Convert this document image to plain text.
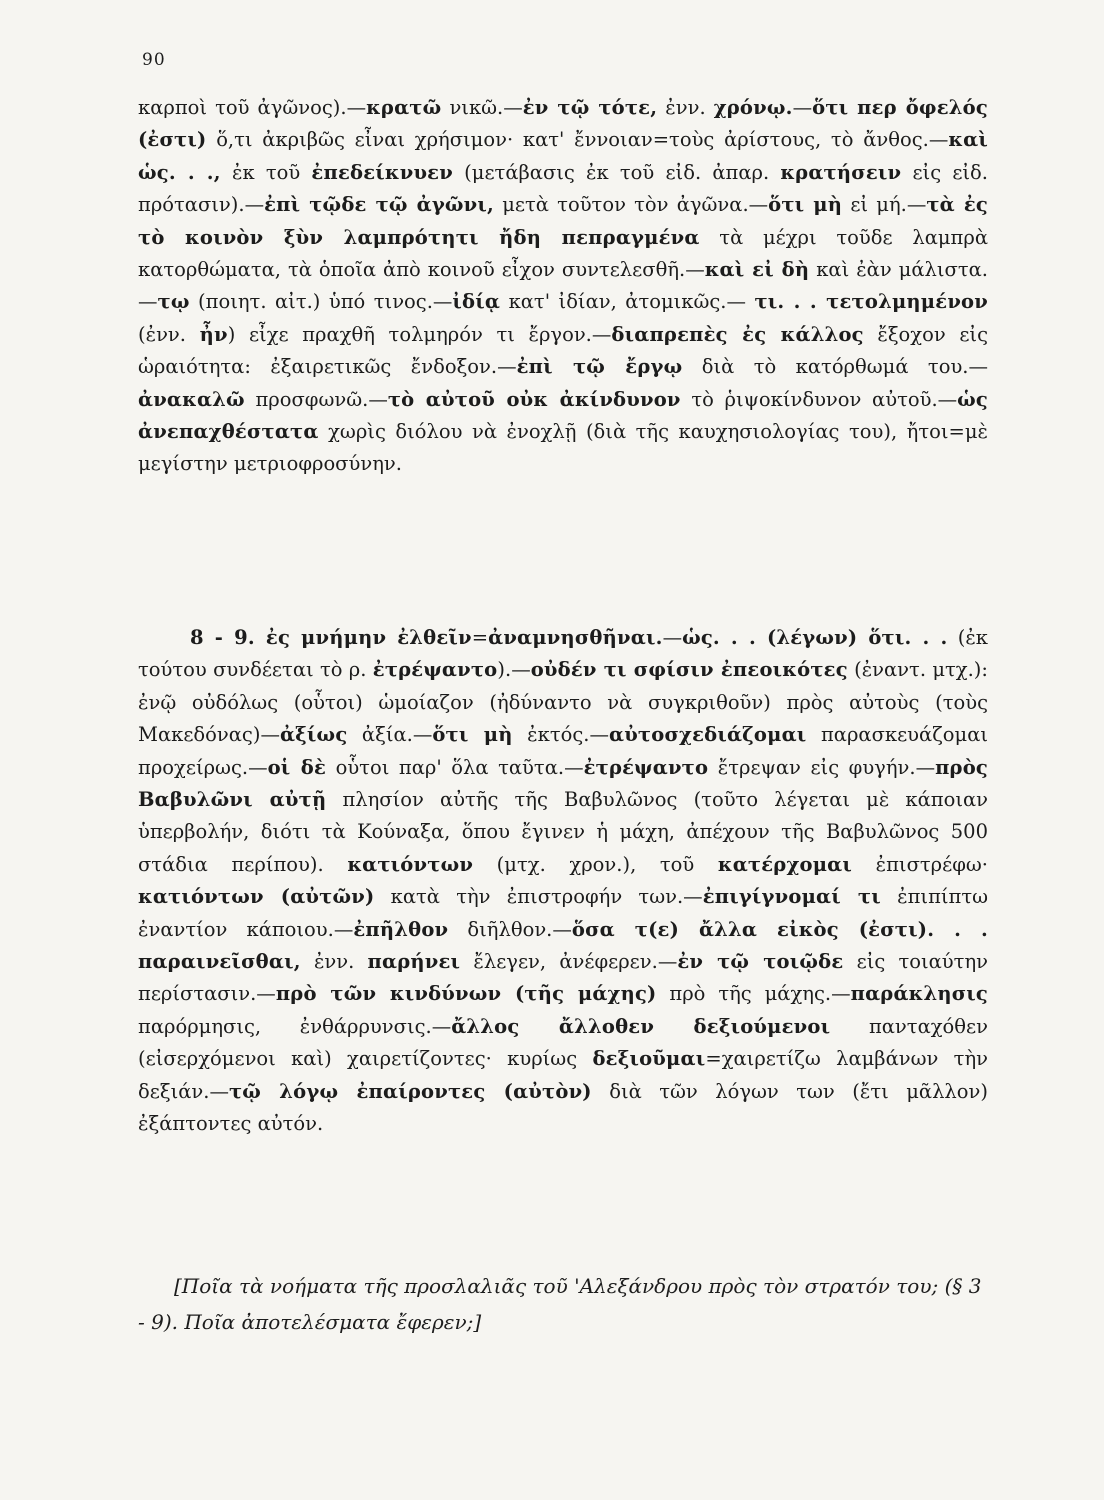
90
καρποὶ τοῦ ἀγῶνος).—κρατῶ νικῶ.—ἐν τῷ τότε, ἐνν. χρόνῳ.—ὅτι περ ὄφελός (ἐστι) ὅ,τι ἀκριβῶς εἶναι χρήσιμον· κατ' ἔννοιαν=τοὺς ἀρίστους, τὸ ἄνθος.—καὶ ὡς. . ., ἐκ τοῦ ἐπεδείκνυεν (μετάβασις ἐκ τοῦ εἰδ. ἀπαρ. κρατήσειν εἰς εἰδ. πρότασιν).—ἐπὶ τῷδε τῷ ἀγῶνι, μετὰ τοῦτον τὸν ἀγῶνα.—ὅτι μὴ εἰ μή.—τὰ ἐς τὸ κοινὸν ξὺν λαμπρότητι ἤδη πεπραγμένα τὰ μέχρι τοῦδε λαμπρὰ κατορθώματα, τὰ ὁποῖα ἀπὸ κοινοῦ εἶχον συντελεσθῆ.—καὶ εἰ δὴ καὶ ἐὰν μάλιστα.—τῳ (ποιητ. αἰτ.) ὑπό τινος.—ἰδίᾳ κατ' ἰδίαν, ἀτομικῶς.— τι. . . τετολμημένον (ἐνν. ἦν) εἶχε πραχθῆ τολμηρόν τι ἔργον.—διαπρεπὲς ἐς κάλλος ἔξοχον εἰς ὡραιότητα: ἐξαιρετικῶς ἔνδοξον.—ἐπὶ τῷ ἔργῳ διὰ τὸ κατόρθωμά του.—ἀνακαλῶ προσφωνῶ.—τὸ αὐτοῦ οὐκ ἀκίνδυνον τὸ ῥιψοκίνδυνον αὐτοῦ.—ὡς ἀνεπαχθέστατα χωρὶς διόλου νὰ ἐνοχλῇ (διὰ τῆς καυχησιολογίας του), ἤτοι=μὲ μεγίστην μετριοφροσύνην.
8 - 9. ἐς μνήμην ἐλθεῖν=ἀναμνησθῆναι.—ὡς. . . (λέγων) ὅτι. . . (ἐκ τούτου συνδέεται τὸ ρ. ἐτρέψαντο).—οὐδέν τι σφίσιν ἐπεοικότες (ἐναντ. μτχ.): ἐνῷ οὐδόλως (οὗτοι) ὡμοίαζον (ἠδύναντο νὰ συγκριθοῦν) πρὸς αὐτοὺς (τοὺς Μακεδόνας)—ἀξίως ἀξία.—ὅτι μὴ ἐκτός.—αὐτοσχεδιάζομαι παρασκευάζομαι προχείρως.—οἱ δὲ οὗτοι παρ' ὅλα ταῦτα.—ἐτρέψαντο ἔτρεψαν εἰς φυγήν.—πρὸς Βαβυλῶνι αὐτῇ πλησίον αὐτῆς τῆς Βαβυλῶνος (τοῦτο λέγεται μὲ κάποιαν ὑπερβολήν, διότι τὰ Κούναξα, ὅπου ἔγινεν ἡ μάχη, ἀπέχουν τῆς Βαβυλῶνος 500 στάδια περίπου). κατιόντων (μτχ. χρον.), τοῦ κατέρχομαι ἐπιστρέφω· κατιόντων (αὐτῶν) κατὰ τὴν ἐπιστροφήν των.—ἐπιγίγνομαί τι ἐπιπίπτω ἐναντίον κάποιου.—ἐπῆλθον διῆλθον.—ὅσα τ(ε) ἄλλα εἰκὸς (ἐστι). . . παραινεῖσθαι, ἐνν. παρήνει ἔλεγεν, ἀνέφερεν.—ἐν τῷ τοιῷδε εἰς τοιαύτην περίστασιν.—πρὸ τῶν κινδύνων (τῆς μάχης) πρὸ τῆς μάχης.—παράκλησις παρόρμησις, ἐνθάρρυνσις.—ἄλλος ἄλλοθεν δεξιούμενοι πανταχόθεν (εἰσερχόμενοι καὶ) χαιρετίζοντες· κυρίως δεξιοῦμαι=χαιρετίζω λαμβάνων τὴν δεξιάν.—τῷ λόγῳ ἐπαίροντες (αὐτὸν) διὰ τῶν λόγων των (ἔτι μᾶλλον) ἐξάπτοντες αὐτόν.
[Ποῖα τὰ νοήματα τῆς προσλαλιᾶς τοῦ 'Αλεξάνδρου πρὸς τὸν στρατόν του; (§ 3 - 9). Ποῖα ἀποτελέσματα ἔφερεν;]
